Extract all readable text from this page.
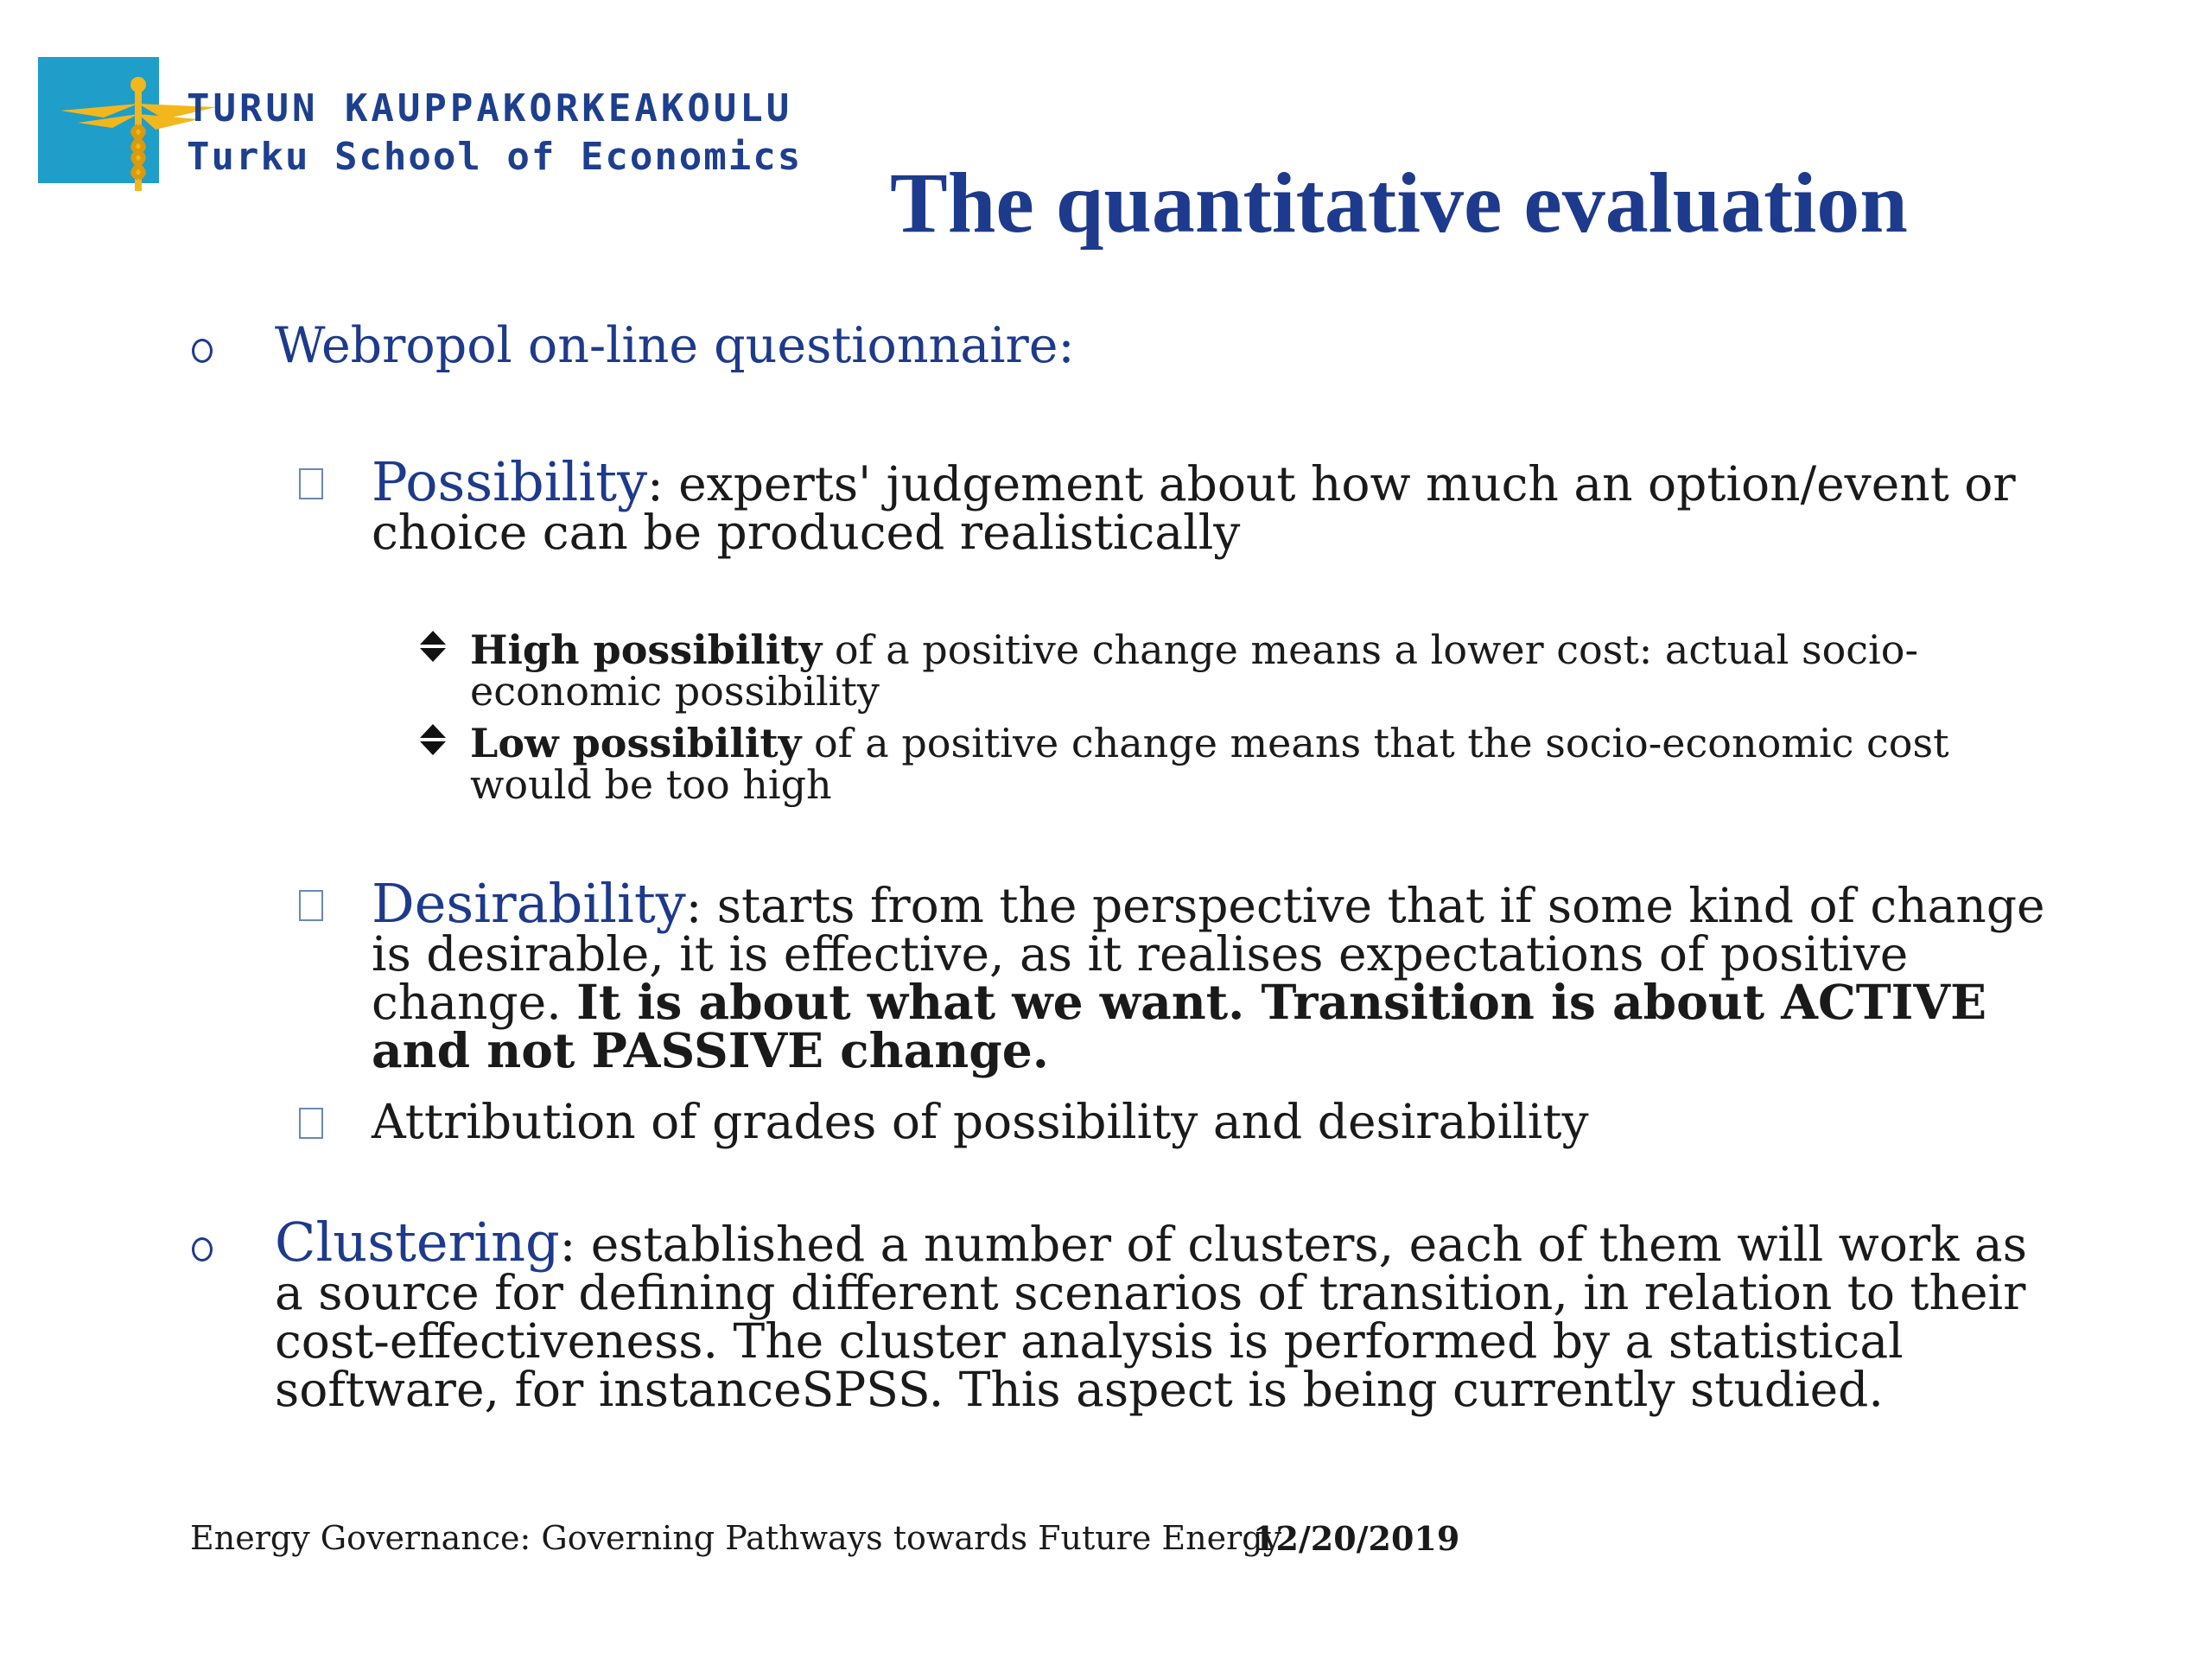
TURUN KAUPPAKORKEAKOULU
Turku School of Economics The quantitative evaluation

Webropol on-line questionnaire:

Possibility: experts' judgement about how much an option/event or choice can be produced realistically

High possibility of a positive change means a lower cost: actual socio-economic possibility

Low possibility of a positive change means that the socio-economic cost would be too high

Desirability: starts from the perspective that if some kind of change is desirable, it is effective, as it realises expectations of positive change. It is about what we want. Transition is about ACTIVE and not PASSIVE change.

Attribution of grades of possibility and desirability

Clustering: established a number of clusters, each of them will work as a source for defining different scenarios of transition, in relation to their cost-effectiveness. The cluster analysis is performed by a statistical software, for instanceSPSS. This aspect is being currently studied.

Energy Governance: Governing Pathways towards Future Energy
12/20/2019
